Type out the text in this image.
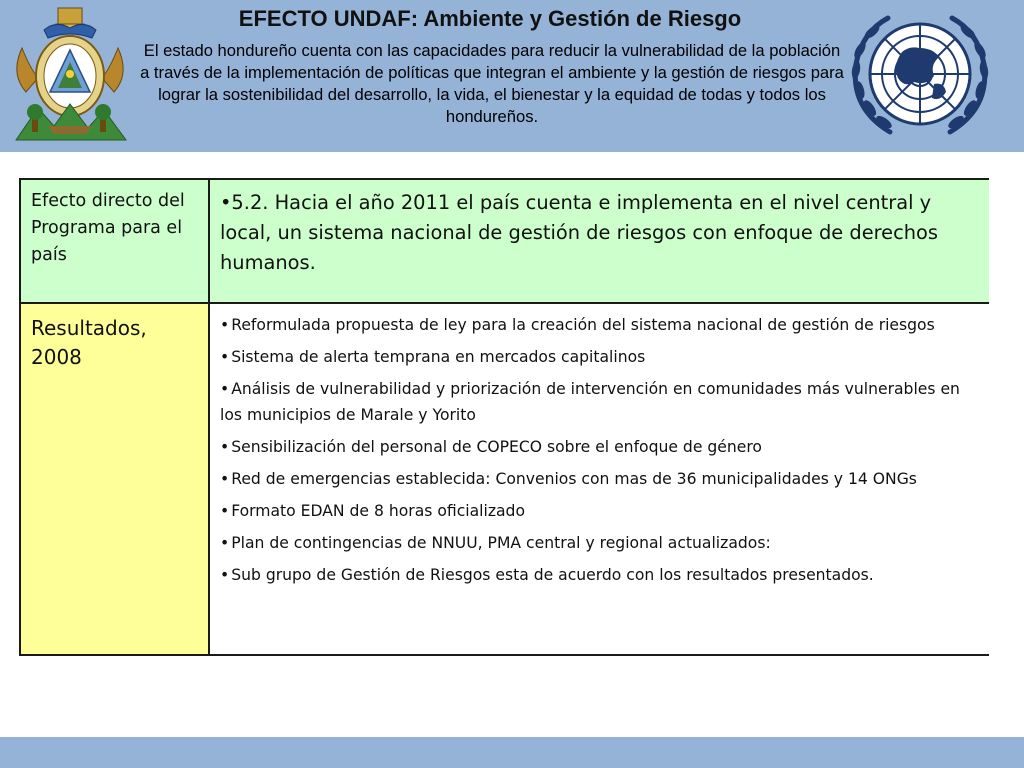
EFECTO UNDAF: Ambiente y Gestión de Riesgo

El estado hondureño cuenta con las capacidades para reducir la vulnerabilidad de la población a través de la implementación de políticas que integran el ambiente y la gestión de riesgos para lograr la sostenibilidad del desarrollo, la vida, el bienestar y la equidad de todas y todos los hondureños.

Efecto directo del Programa para el país

•5.2. Hacia el año 2011 el país cuenta e implementa en el nivel central y local, un sistema nacional de gestión de riesgos con enfoque de derechos humanos.

Resultados, 2008
• Reformulada propuesta de ley para la creación del sistema nacional de gestión de riesgos
• Sistema de alerta temprana en mercados capitalinos
• Análisis de vulnerabilidad y priorización de intervención en comunidades más vulnerables en los municipios de Marale y Yorito
• Sensibilización del personal de COPECO sobre el enfoque de género
• Red de emergencias establecida: Convenios con mas de 36 municipalidades y 14 ONGs
• Formato EDAN de 8 horas oficializado
• Plan de contingencias de NNUU, PMA central y regional actualizados:
• Sub grupo de Gestión de Riesgos esta de acuerdo con los resultados presentados.
